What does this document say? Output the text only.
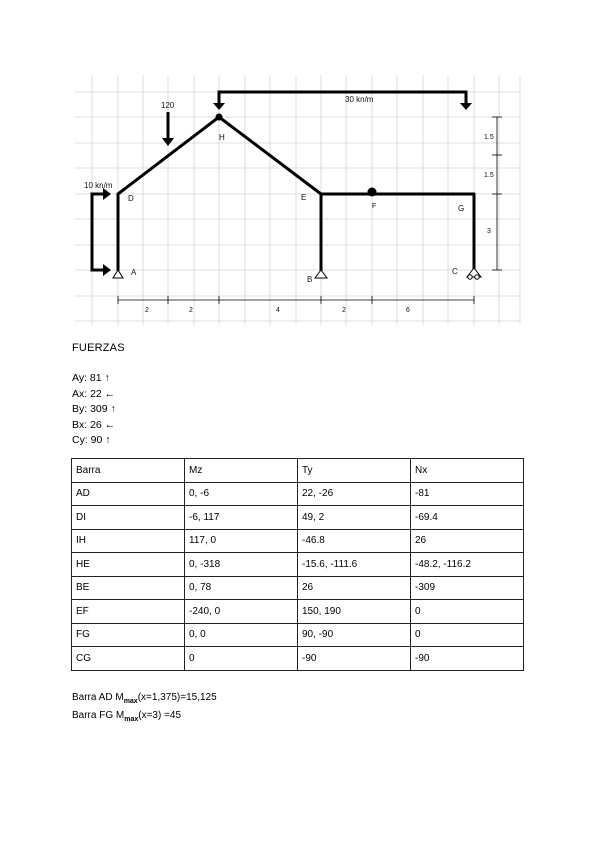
30 kn/m
120
10 kn/m
H
D	E
F	G
A
B
C
2	2	4	2	6
1.5
1.5
3
FUERZAS
Ay: 81 ↑
Ax: 22 ←
By: 309 ↑
Bx: 26 ←
Cy: 90 ↑
Barra	Mz	Ty	Nx
AD	0, -6	22, -26	-81
DI	-6, 117	49, 2	-69.4
IH	117, 0	-46.8	26
HE	0, -318	-15.6, -111.6	-48.2, -116.2
BE	0, 78	26	-309
EF	-240, 0	150, 190	0
FG	0, 0	90, -90	0
CG	0	-90	-90
Barra AD $M_{max}(x=1,375)=15,125$
Barra FG $M_{max}(x=3) =45$
